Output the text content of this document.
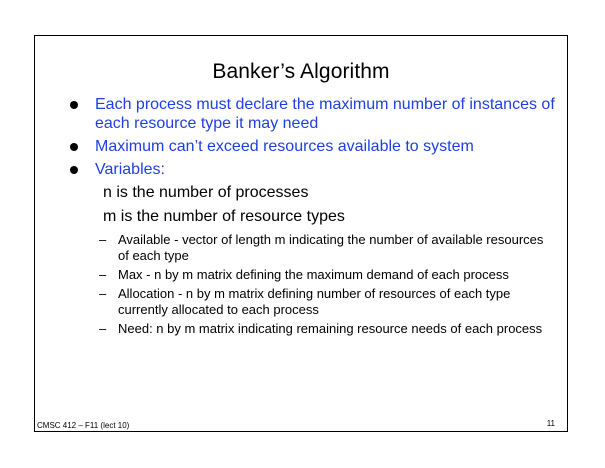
Banker’s Algorithm
Each process must declare the maximum number of instances of each resource type it may need
Maximum can’t exceed resources available to system
Variables:
n is the number of processes
m is the number of resource types
– Available - vector of length m indicating the number of available resources of each type
– Max - n by m matrix defining the maximum demand of each process
– Allocation - n by m matrix defining number of resources of each type currently allocated to each process
– Need: n by m matrix indicating remaining resource needs of each process
CMSC 412 – F11 (lect 10)	11
